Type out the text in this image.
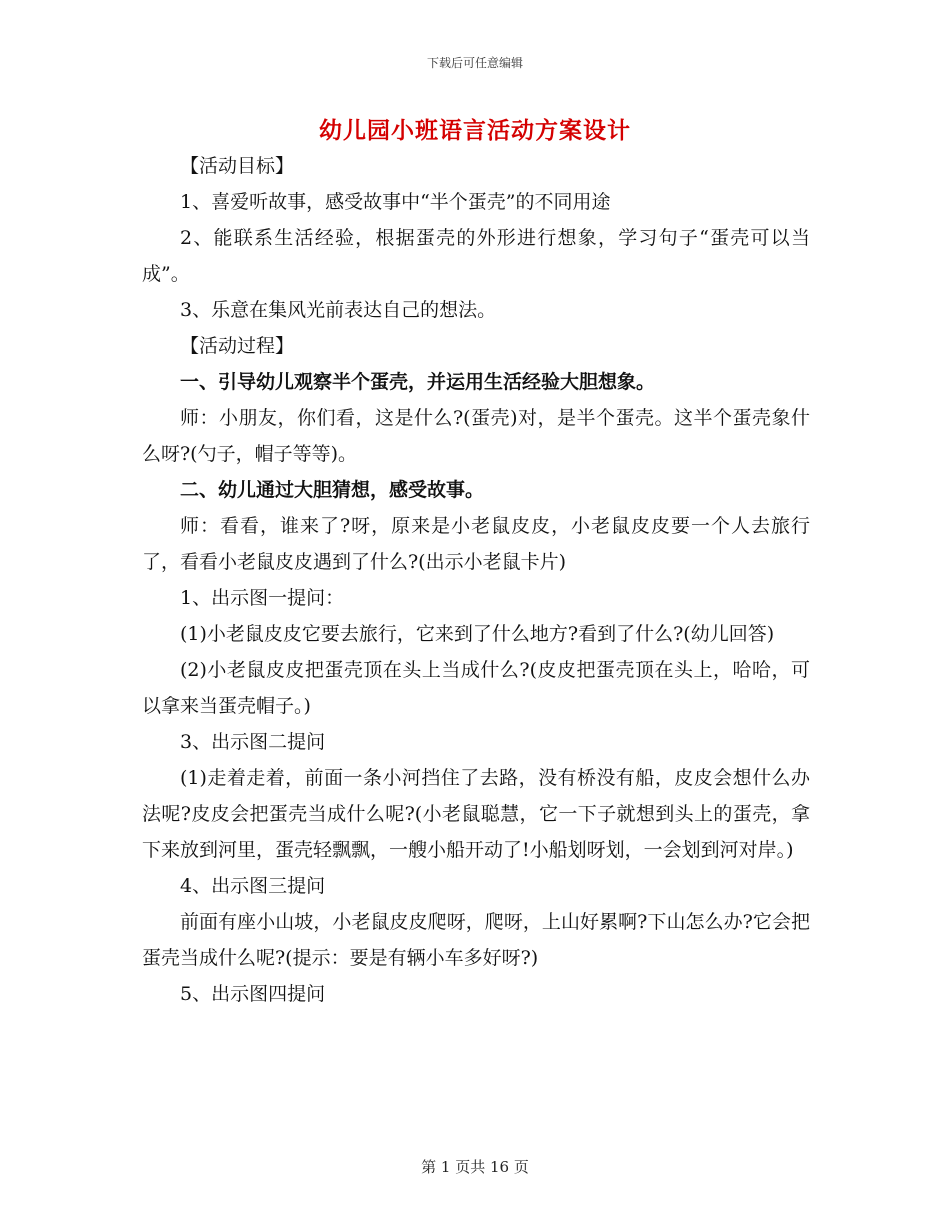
下载后可任意编辑
幼儿园小班语言活动方案设计

【活动目标】

1、喜爱听故事，感受故事中“半个蛋壳”的不同用途

2、能联系生活经验，根据蛋壳的外形进行想象，学习句子“蛋壳可以当成”。

3、乐意在集风光前表达自己的想法。

【活动过程】

一、引导幼儿观察半个蛋壳，并运用生活经验大胆想象。

师：小朋友，你们看，这是什么?(蛋壳)对，是半个蛋壳。这半个蛋壳象什么呀?(勺子，帽子等等)。

二、幼儿通过大胆猜想，感受故事。

师：看看，谁来了?呀，原来是小老鼠皮皮，小老鼠皮皮要一个人去旅行了，看看小老鼠皮皮遇到了什么?(出示小老鼠卡片)

1、出示图一提问：

(1)小老鼠皮皮它要去旅行，它来到了什么地方?看到了什么?(幼儿回答)

(2)小老鼠皮皮把蛋壳顶在头上当成什么?(皮皮把蛋壳顶在头上，哈哈，可以拿来当蛋壳帽子。)

3、出示图二提问

(1)走着走着，前面一条小河挡住了去路，没有桥没有船，皮皮会想什么办法呢?皮皮会把蛋壳当成什么呢?(小老鼠聪慧，它一下子就想到头上的蛋壳，拿下来放到河里，蛋壳轻飘飘，一艘小船开动了!小船划呀划，一会划到河对岸。)

4、出示图三提问

前面有座小山坡，小老鼠皮皮爬呀，爬呀，上山好累啊?下山怎么办?它会把蛋壳当成什么呢?(提示：要是有辆小车多好呀?)

5、出示图四提问

第 1 页共 16 页
